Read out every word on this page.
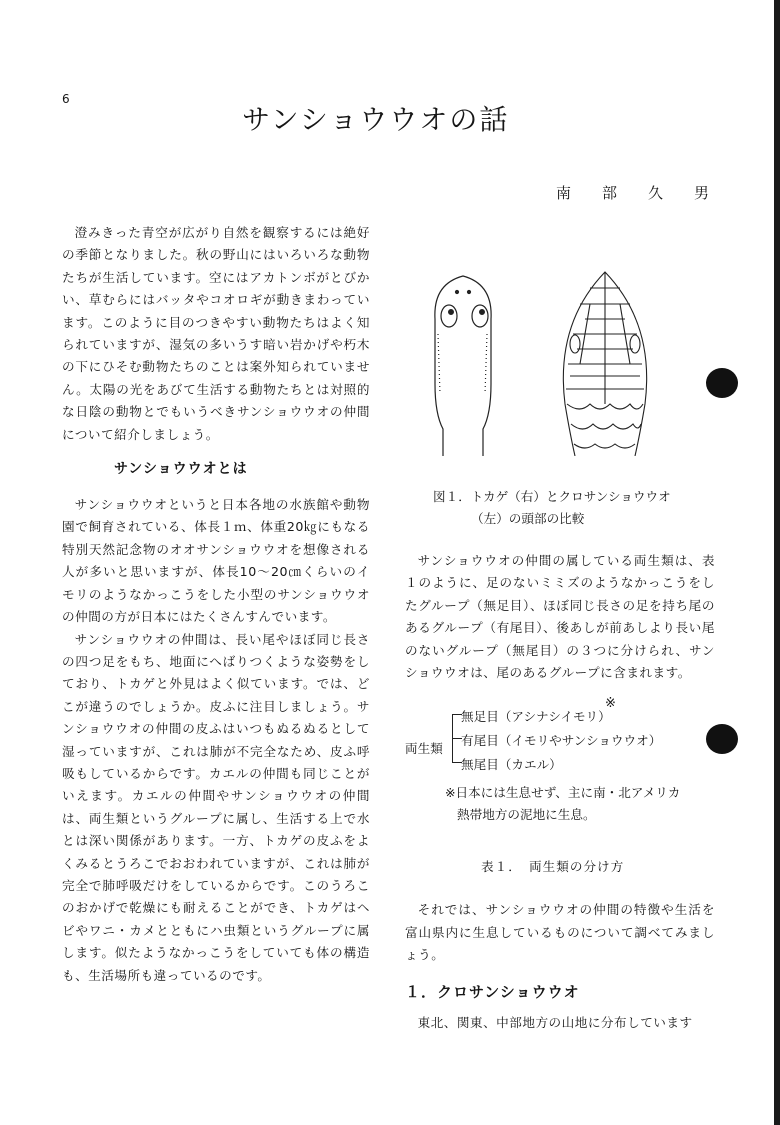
6
サンショウウオの話
南　部　久　男

澄みきった青空が広がり自然を観察するには絶好の季節となりました。秋の野山にはいろいろな動物たちが生活しています。空にはアカトンボがとびかい、草むらにはバッタやコオロギが動きまわっています。このように目のつきやすい動物たちはよく知られていますが、湿気の多いうす暗い岩かげや朽木の下にひそむ動物たちのことは案外知られていません。太陽の光をあびて生活する動物たちとは対照的な日陰の動物とでもいうべきサンショウウオの仲間について紹介しましょう。

サンショウウオとは

サンショウウオというと日本各地の水族館や動物園で飼育されている、体長１ｍ、体重20㎏にもなる特別天然記念物のオオサンショウウオを想像される人が多いと思いますが、体長10～20㎝くらいのイモリのようなかっこうをした小型のサンショウウオの仲間の方が日本にはたくさんすんでいます。

サンショウウオの仲間は、長い尾やほぼ同じ長さの四つ足をもち、地面にへばりつくような姿勢をしており、トカゲと外見はよく似ています。では、どこが違うのでしょうか。皮ふに注目しましょう。サンショウウオの仲間の皮ふはいつもぬるぬるとして湿っていますが、これは肺が不完全なため、皮ふ呼吸もしているからです。カエルの仲間も同じことがいえます。カエルの仲間やサンショウウオの仲間は、両生類というグループに属し、生活する上で水とは深い関係があります。一方、トカゲの皮ふをよくみるとうろこでおおわれていますが、これは肺が完全で肺呼吸だけをしているからです。このうろこのおかげで乾燥にも耐えることができ、トカゲはヘビやワニ・カメとともにハ虫類というグループに属します。似たようなかっこうをしていても体の構造も、生活場所も違っているのです。

図１．トカゲ（右）とクロサンショウウオ
（左）の頭部の比較

サンショウウオの仲間の属している両生類は、表１のように、足のないミミズのようなかっこうをしたグループ（無足目）、ほぼ同じ長さの足を持ち尾のあるグループ（有尾目）、後あしが前あしより長い尾のないグループ（無尾目）の３つに分けられ、サンショウウオは、尾のあるグループに含まれます。

両生類
無足目（アシナシイモリ）
有尾目（イモリやサンショウウオ）
無尾目（カエル）
※
※日本には生息せず、主に南・北アメリカ
熱帯地方の泥地に生息。
表１．　両生類の分け方

それでは、サンショウウオの仲間の特徴や生活を富山県内に生息しているものについて調べてみましょう。

１．クロサンショウウオ

東北、関東、中部地方の山地に分布しています
